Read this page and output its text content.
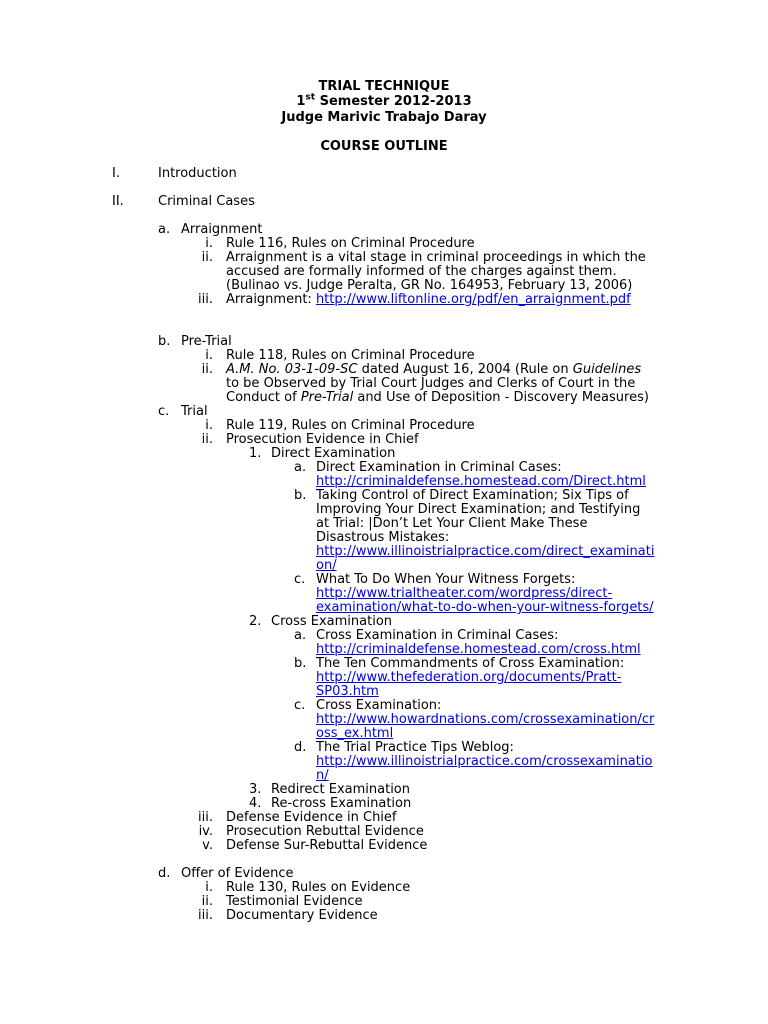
TRIAL TECHNIQUE
1st Semester 2012-2013
Judge Marivic Trabajo Daray
COURSE OUTLINE
I.	Introduction
II.	Criminal Cases
a. Arraignment
i. Rule 116, Rules on Criminal Procedure
ii. Arraignment is a vital stage in criminal proceedings in which the
accused are formally informed of the charges against them.
(Bulinao vs. Judge Peralta, GR No. 164953, February 13, 2006)
iii. Arraignment: http://www.liftonline.org/pdf/en_arraignment.pdf
b. Pre-Trial
i. Rule 118, Rules on Criminal Procedure
ii. A.M. No. 03-1-09-SC dated August 16, 2004 (Rule on Guidelines
to be Observed by Trial Court Judges and Clerks of Court in the
Conduct of Pre-Trial and Use of Deposition - Discovery Measures)
c. Trial
i. Rule 119, Rules on Criminal Procedure
ii. Prosecution Evidence in Chief
1. Direct Examination
a. Direct Examination in Criminal Cases:
http://criminaldefense.homestead.com/Direct.html
b. Taking Control of Direct Examination; Six Tips of
Improving Your Direct Examination; and Testifying
at Trial: |Don’t Let Your Client Make These
Disastrous Mistakes:
http://www.illinoistrialpractice.com/direct_examinati
on/
c. What To Do When Your Witness Forgets:
http://www.trialtheater.com/wordpress/direct-
examination/what-to-do-when-your-witness-forgets/
2. Cross Examination
a. Cross Examination in Criminal Cases:
http://criminaldefense.homestead.com/cross.html
b. The Ten Commandments of Cross Examination:
http://www.thefederation.org/documents/Pratt-
SP03.htm
c. Cross Examination:
http://www.howardnations.com/crossexamination/cr
oss_ex.html
d. The Trial Practice Tips Weblog:
http://www.illinoistrialpractice.com/crossexaminatio
n/
3. Redirect Examination
4. Re-cross Examination
iii. Defense Evidence in Chief
iv. Prosecution Rebuttal Evidence
v. Defense Sur-Rebuttal Evidence
d. Offer of Evidence
i. Rule 130, Rules on Evidence
ii. Testimonial Evidence
iii. Documentary Evidence
